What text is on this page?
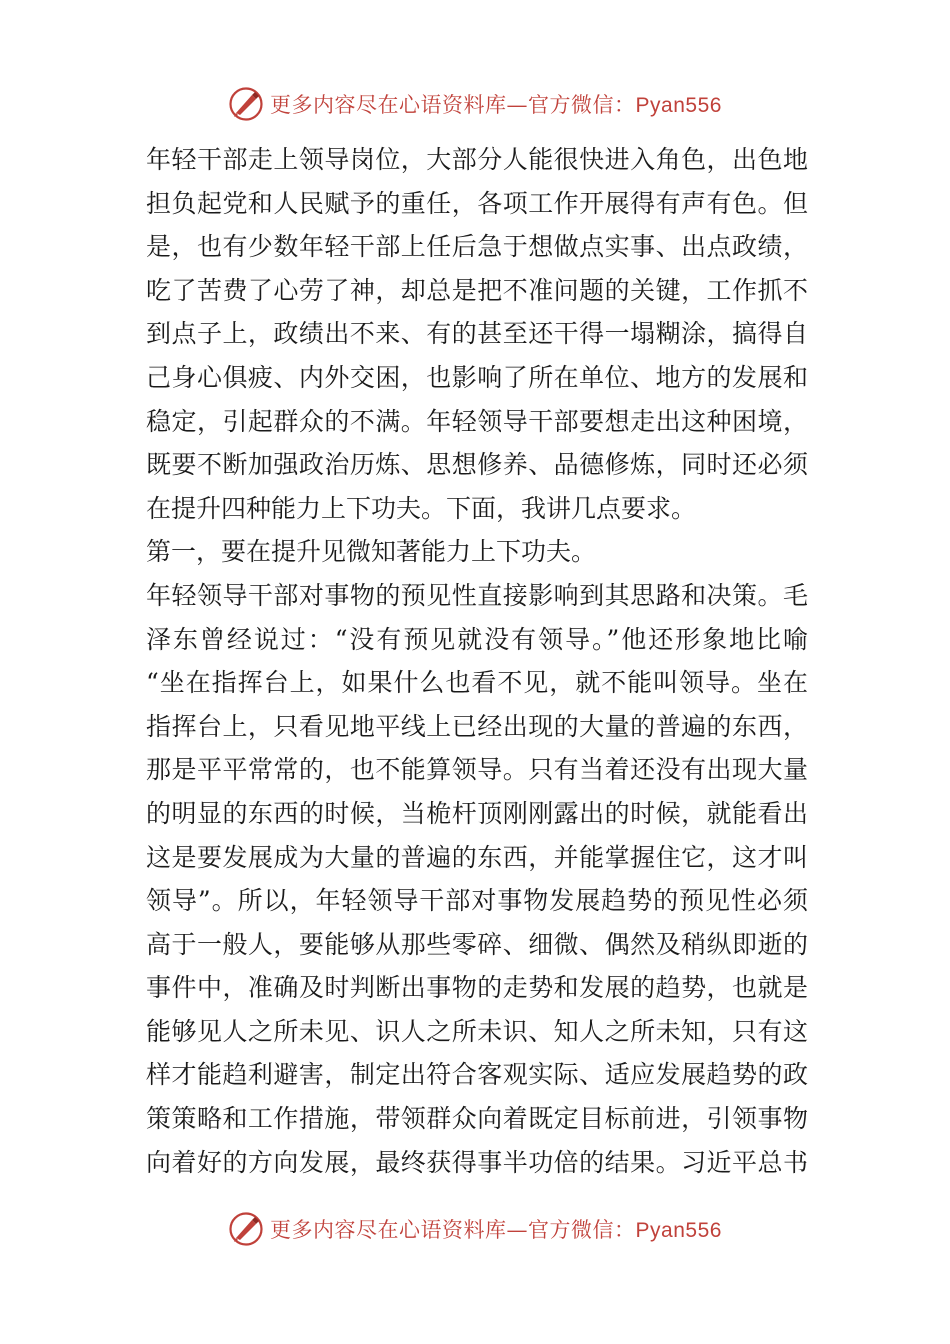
更多内容尽在心语资料库—官方微信：Pyan556
年轻干部走上领导岗位，大部分人能很快进入角色，出色地
担负起党和人民赋予的重任，各项工作开展得有声有色。但
是，也有少数年轻干部上任后急于想做点实事、出点政绩，
吃了苦费了心劳了神，却总是把不准问题的关键，工作抓不
到点子上，政绩出不来、有的甚至还干得一塌糊涂，搞得自
己身心俱疲、内外交困，也影响了所在单位、地方的发展和
稳定，引起群众的不满。年轻领导干部要想走出这种困境，
既要不断加强政治历炼、思想修养、品德修炼，同时还必须
在提升四种能力上下功夫。下面，我讲几点要求。
第一，要在提升见微知著能力上下功夫。
年轻领导干部对事物的预见性直接影响到其思路和决策。毛
泽东曾经说过：“没有预见就没有领导。”他还形象地比喻
“坐在指挥台上，如果什么也看不见，就不能叫领导。坐在
指挥台上，只看见地平线上已经出现的大量的普遍的东西，
那是平平常常的，也不能算领导。只有当着还没有出现大量
的明显的东西的时候，当桅杆顶刚刚露出的时候，就能看出
这是要发展成为大量的普遍的东西，并能掌握住它，这才叫
领导”。所以，年轻领导干部对事物发展趋势的预见性必须
高于一般人，要能够从那些零碎、细微、偶然及稍纵即逝的
事件中，准确及时判断出事物的走势和发展的趋势，也就是
能够见人之所未见、识人之所未识、知人之所未知，只有这
样才能趋利避害，制定出符合客观实际、适应发展趋势的政
策策略和工作措施，带领群众向着既定目标前进，引领事物
向着好的方向发展，最终获得事半功倍的结果。习近平总书
更多内容尽在心语资料库—官方微信：Pyan556
